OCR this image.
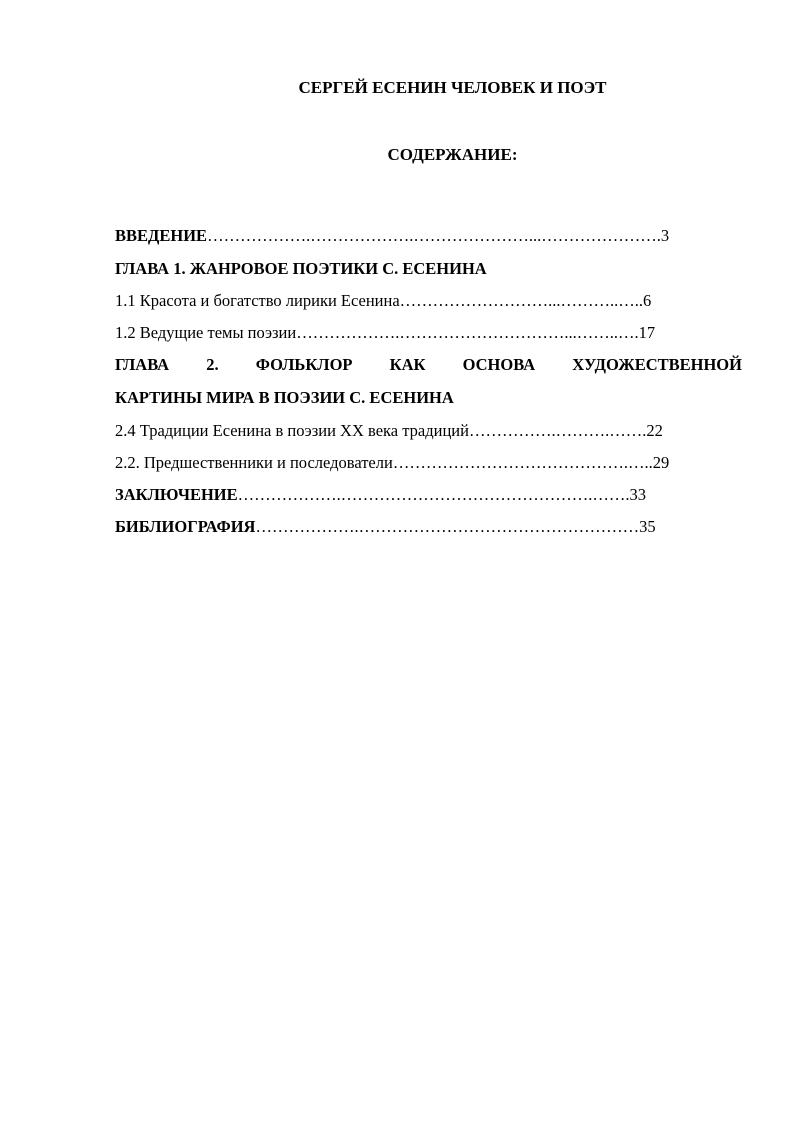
СЕРГЕЙ ЕСЕНИН ЧЕЛОВЕК И ПОЭТ
СОДЕРЖАНИЕ:
ВВЕДЕНИЕ……………….……………….…………………...………………….3
ГЛАВА 1. ЖАНРОВОЕ ПОЭТИКИ С. ЕСЕНИНА
1.1 Красота и богатство лирики Есенина………………………...………..…..6
1.2 Ведущие темы поэзии……………….…………………………...……..….17
ГЛАВА 2. ФОЛЬКЛОР КАК ОСНОВА ХУДОЖЕСТВЕННОЙ
КАРТИНЫ МИРА В ПОЭЗИИ С. ЕСЕНИНА
2.4 Традиции Есенина в поэзии XX века традиций…………….……….…….22
2.2. Предшественники и последователи…………………………………….…..29
ЗАКЛЮЧЕНИЕ……………….……………………………………….…….33
БИБЛИОГРАФИЯ……………….……………………………………………35
